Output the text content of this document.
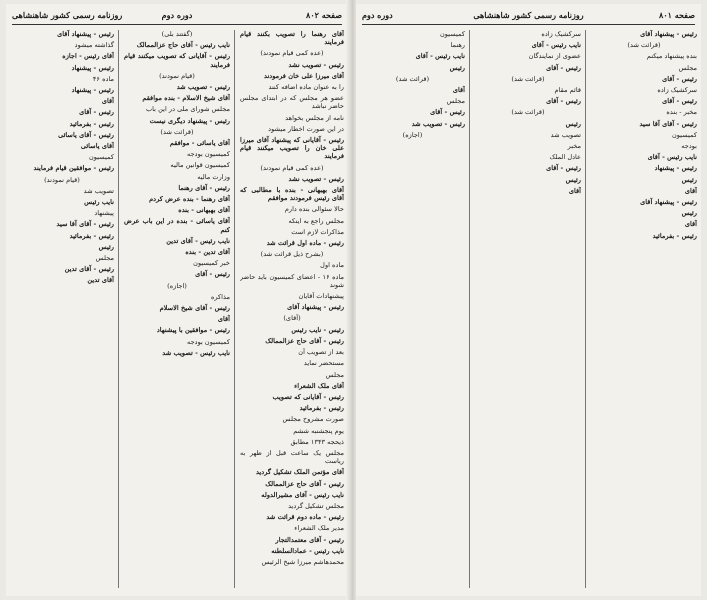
صفحه ۸۰۲
دوره دوم
روزنامه رسمی کشور شاهنشاهی

آقای رهنما را تصویب بکنند قیام فرمایند

(عده کمی قیام نمودند)

رئیس - تصویب نشد

آقای میرزا علی خان فرمودند

را به عنوان ماده اضافه کنند

عضو هر مجلس که در ابتدای مجلس حاضر نباشد

نامه از مجلس بخواهد

در این صورت اخطار میشود

رئیس - آقایانی که پیشنهاد آقای میرزا علی خان را تصویب میکنند قیام فرمایند

(عده کمی قیام نمودند)

رئیس - تصویب نشد

آقای بهبهانی - بنده با مطالبی که آقای رئیس فرمودند موافقم

حالا سئوالی بنده دارم

مجلس راجع به اینکه

مذاکرات لازم است

رئیس - ماده اول قرائت شد

(بشرح ذیل قرائت شد)

ماده اول

ماده ۱۶ - اعضای کمیسیون باید حاضر شوند

پیشنهادات آقایان

رئیس - پیشنهاد آقای

(آقای)

رئیس - نایب رئیس

رئیس - آقای حاج عزالممالک

بعد از تصویب آن

مستحضر نماید

مجلس

آقای ملک الشعراء

رئیس - آقایانی که تصویب

رئیس - بفرمائید

صورت مشروح مجلس

یوم پنجشنبه ششم

ذیحجه ۱۳۴۳ مطابق

مجلس یک ساعت قبل از ظهر به ریاست

آقای مؤتمن الملک تشکیل گردید

رئیس - آقای حاج عزالممالک

نایب رئیس - آقای مشیرالدوله

مجلس تشکیل گردید

رئیس - ماده دوم قرائت شد

مدیر ملک الشعراء

رئیس - آقای معتمدالتجار

نایب رئیس - عمادالسلطنه

محمدهاشم میرزا شیخ الرئیس

(گفتند بلی)

نایب رئیس - آقای حاج عزالممالک

رئیس - آقایانی که تصویب میکنند قیام فرمایند

(قیام نمودند)

رئیس - تصویب شد

آقای شیخ الاسلام - بنده موافقم

مجلس شورای ملی در این باب

رئیس - پیشنهاد دیگری نیست

(قرائت شد)

آقای یاسائی - موافقم

کمیسیون بودجه

کمیسیون قوانین مالیه

وزارت مالیه

رئیس - آقای رهنما

آقای رهنما - بنده عرض کردم

آقای بهبهانی - بنده

آقای یاسائی - بنده در این باب عرض کنم

نایب رئیس - آقای تدین

آقای تدین - بنده

خبر کمیسیون

رئیس - آقای

(اجازه)

مذاکره

رئیس - آقای شیخ الاسلام

آقای

رئیس - موافقین با پیشنهاد

کمیسیون بودجه

نایب رئیس - تصویب شد

رئیس - پیشنهاد آقای

گذاشته میشود

آقای رئیس - اجازه

رئیس - پیشنهاد

ماده ۴۶

رئیس - پیشنهاد

آقای

رئیس - آقای

رئیس - بفرمائید

رئیس - آقای یاسائی

آقای یاسائی

کمیسیون

رئیس - موافقین قیام فرمایند

(قیام نمودند)

تصویب شد

نایب رئیس

پیشنهاد

رئیس - آقای آقا سید

رئیس - بفرمائید

رئیس

مجلس

رئیس - آقای تدین

آقای تدین

صفحه ۸۰۱
روزنامه رسمی کشور شاهنشاهی
دوره دوم

رئیس - پیشنهاد آقای

(قرائت شد)

بنده پیشنهاد میکنم

مجلس

رئیس - آقای

سرکشیک زاده

رئیس - آقای

مخبر - بنده

رئیس - آقای آقا سید

کمیسیون

بودجه

نایب رئیس - آقای

رئیس - پیشنهاد

رئیس

آقای

رئیس - پیشنهاد آقای

رئیس

آقای

رئیس - بفرمائید

سرکشیک زاده

نایب رئیس - آقای

عضوی از نمایندگان

رئیس - آقای

(قرائت شد)

قائم مقام

رئیس - آقای

(قرائت شد)

رئیس

تصویب شد

مخبر

عادل الملک

رئیس - آقای

رئیس

آقای

کمیسیون

رهنما

نایب رئیس - آقای

رئیس

(قرائت شد)

آقای

مجلس

رئیس - آقای

رئیس - تصویب شد

(اجازه)
